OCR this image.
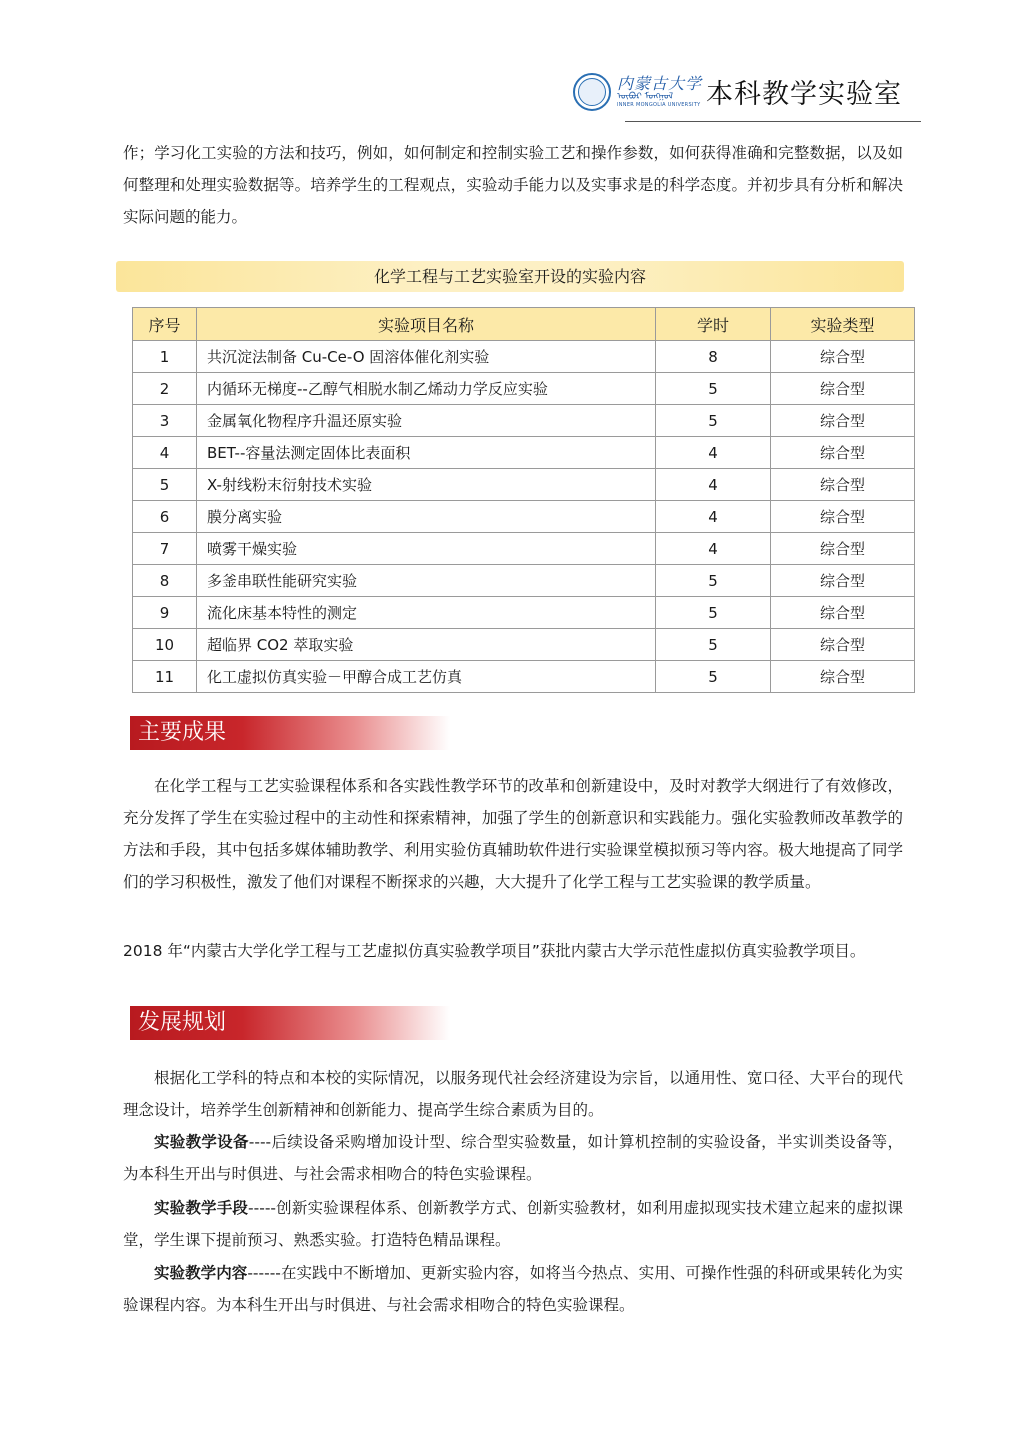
内蒙古大学
ᠥᠪᠥᠷ ᠮᠣᠩᠭᠣᠯ
INNER MONGOLIA UNIVERSITY 本科教学实验室
作；学习化工实验的方法和技巧，例如，如何制定和控制实验工艺和操作参数，如何获得准确和完整数据，以及如何整理和处理实验数据等。培养学生的工程观点，实验动手能力以及实事求是的科学态度。并初步具有分析和解决实际问题的能力。
化学工程与工艺实验室开设的实验内容
序号	实验项目名称	学时	实验类型
1	共沉淀法制备 Cu-Ce-O 固溶体催化剂实验	8	综合型
2	内循环无梯度--乙醇气相脱水制乙烯动力学反应实验	5	综合型
3	金属氧化物程序升温还原实验	5	综合型
4	BET--容量法测定固体比表面积	4	综合型
5	X-射线粉末衍射技术实验	4	综合型
6	膜分离实验	4	综合型
7	喷雾干燥实验	4	综合型
8	多釜串联性能研究实验	5	综合型
9	流化床基本特性的测定	5	综合型
10	超临界 CO2 萃取实验	5	综合型
11	化工虚拟仿真实验－甲醇合成工艺仿真	5	综合型
主要成果
在化学工程与工艺实验课程体系和各实践性教学环节的改革和创新建设中，及时对教学大纲进行了有效修改，充分发挥了学生在实验过程中的主动性和探索精神，加强了学生的创新意识和实践能力。强化实验教师改革教学的方法和手段，其中包括多媒体辅助教学、利用实验仿真辅助软件进行实验课堂模拟预习等内容。极大地提高了同学们的学习积极性，激发了他们对课程不断探求的兴趣，大大提升了化学工程与工艺实验课的教学质量。
2018 年“内蒙古大学化学工程与工艺虚拟仿真实验教学项目”获批内蒙古大学示范性虚拟仿真实验教学项目。
发展规划
根据化工学科的特点和本校的实际情况，以服务现代社会经济建设为宗旨，以通用性、宽口径、大平台的现代理念设计，培养学生创新精神和创新能力、提高学生综合素质为目的。
实验教学设备----后续设备采购增加设计型、综合型实验数量，如计算机控制的实验设备，半实训类设备等，为本科生开出与时俱进、与社会需求相吻合的特色实验课程。
实验教学手段-----创新实验课程体系、创新教学方式、创新实验教材，如利用虚拟现实技术建立起来的虚拟课堂，学生课下提前预习、熟悉实验。打造特色精品课程。
实验教学内容------在实践中不断增加、更新实验内容，如将当今热点、实用、可操作性强的科研或果转化为实验课程内容。为本科生开出与时俱进、与社会需求相吻合的特色实验课程。
